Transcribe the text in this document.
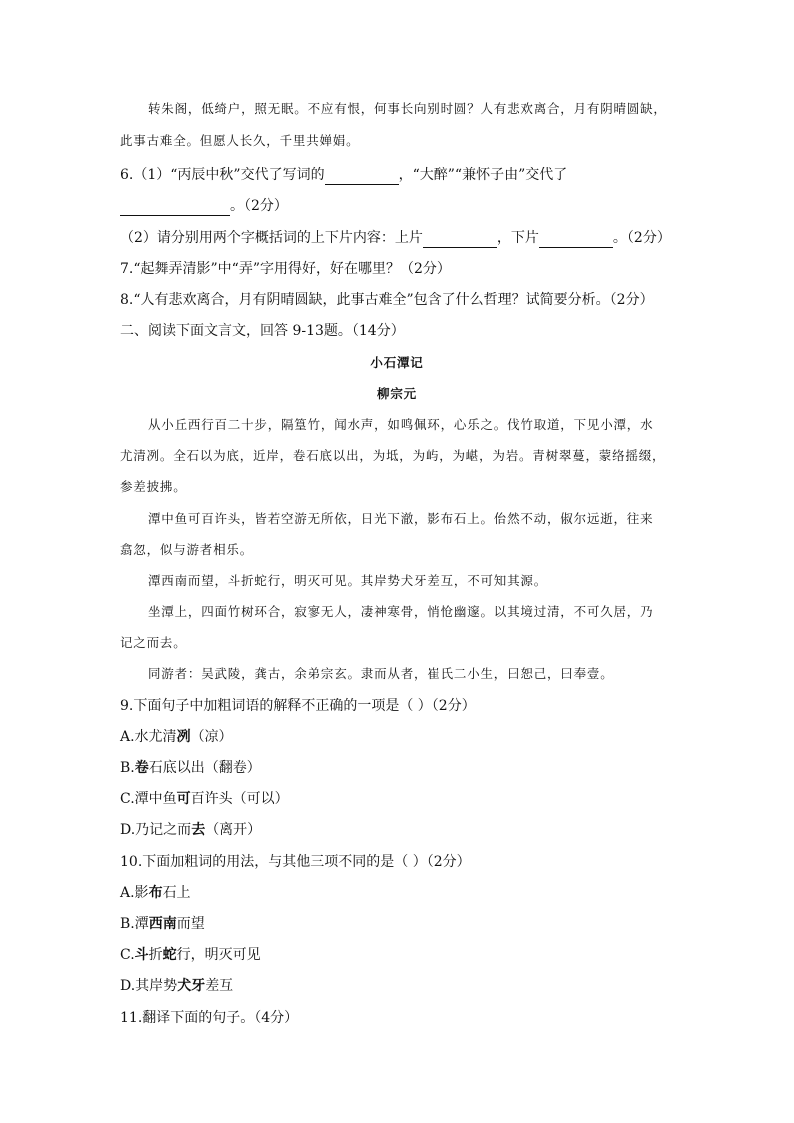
转朱阁，低绮户，照无眠。不应有恨，何事长向别时圆？人有悲欢离合，月有阴晴圆缺，
此事古难全。但愿人长久，千里共婵娟。
6.（1）“丙辰中秋”交代了写词的	，“大醉”“兼怀子由”交代了
。（2分）
（2）请分别用两个字概括词的上下片内容：上片	，下片	。（2分）
7.“起舞弄清影”中“弄”字用得好，好在哪里？（2分）
8.“人有悲欢离合，月有阴晴圆缺，此事古难全”包含了什么哲理？试简要分析。（2分）
二、阅读下面文言文，回答 9-13题。（14分）
小石潭记
柳宗元
从小丘西行百二十步，隔篁竹，闻水声，如鸣佩环，心乐之。伐竹取道，下见小潭，水
尤清冽。全石以为底，近岸，卷石底以出，为坻，为屿，为嵁，为岩。青树翠蔓，蒙络摇缀，
参差披拂。
潭中鱼可百许头，皆若空游无所依，日光下澈，影布石上。佁然不动，俶尔远逝，往来
翕忽，似与游者相乐。
潭西南而望，斗折蛇行，明灭可见。其岸势犬牙差互，不可知其源。
坐潭上，四面竹树环合，寂寥无人，凄神寒骨，悄怆幽邃。以其境过清，不可久居，乃
记之而去。
同游者：吴武陵，龚古，余弟宗玄。隶而从者，崔氏二小生，曰恕己，曰奉壹。
9.下面句子中加粗词语的解释不正确的一项是（ ）（2分）
A.水尤清冽（凉）
B.卷石底以出（翻卷）
C.潭中鱼可百许头（可以）
D.乃记之而去（离开）
10.下面加粗词的用法，与其他三项不同的是（ ）（2分）
A.影布石上
B.潭西南而望
C.斗折蛇行，明灭可见
D.其岸势犬牙差互
11.翻译下面的句子。（4分）
